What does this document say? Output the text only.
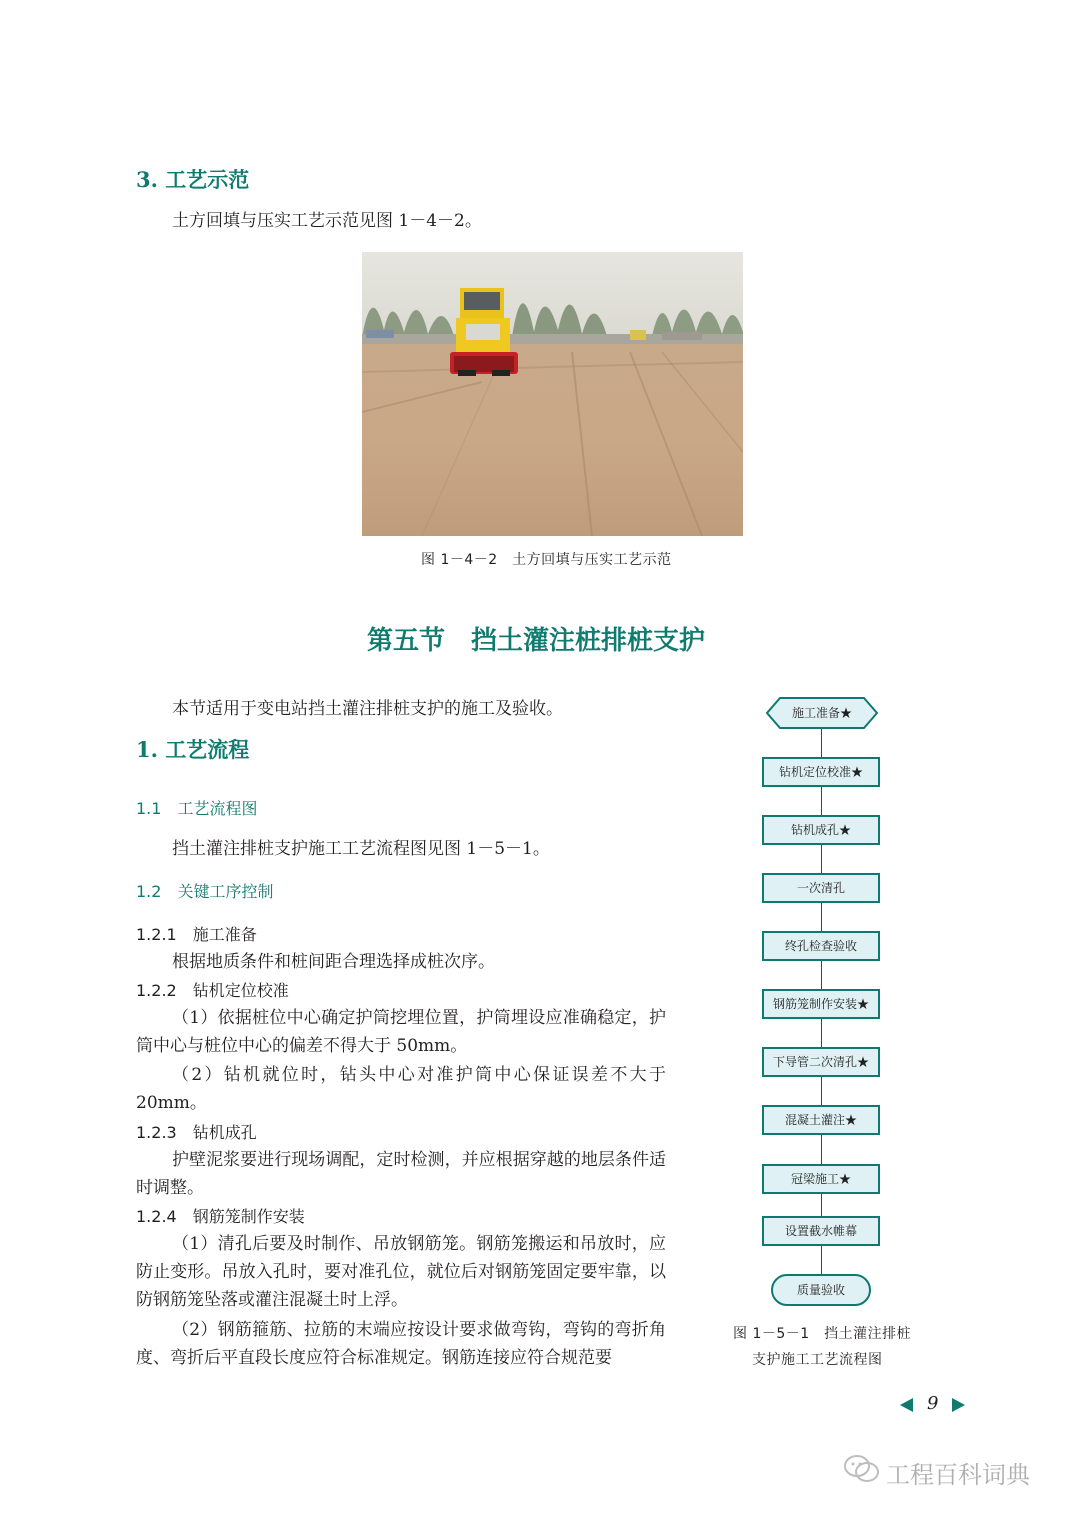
3. 工艺示范
土方回填与压实工艺示范见图 1－4－2。
图 1－4－2　土方回填与压实工艺示范
第五节　挡土灌注桩排桩支护
本节适用于变电站挡土灌注排桩支护的施工及验收。
1. 工艺流程
1.1　工艺流程图
挡土灌注排桩支护施工工艺流程图见图 1－5－1。
1.2　关键工序控制
1.2.1　施工准备
根据地质条件和桩间距合理选择成桩次序。
1.2.2　钻机定位校准
（1）依据桩位中心确定护筒挖埋位置，护筒埋设应准确稳定，护筒中心与桩位中心的偏差不得大于 50mm。
（2）钻机就位时，钻头中心对准护筒中心保证误差不大于 20mm。
1.2.3　钻机成孔
护壁泥浆要进行现场调配，定时检测，并应根据穿越的地层条件适时调整。
1.2.4　钢筋笼制作安装
（1）清孔后要及时制作、吊放钢筋笼。钢筋笼搬运和吊放时，应防止变形。吊放入孔时，要对准孔位，就位后对钢筋笼固定要牢靠，以防钢筋笼坠落或灌注混凝土时上浮。
（2）钢筋箍筋、拉筋的末端应按设计要求做弯钩，弯钩的弯折角度、弯折后平直段长度应符合标准规定。钢筋连接应符合规范要
施工准备★
钻机定位校准★
钻机成孔★
一次清孔
终孔检查验收
钢筋笼制作安装★
下导管二次清孔★
混凝土灌注★
冠梁施工★
设置截水帷幕
质量验收
图 1－5－1　挡土灌注排桩
支护施工工艺流程图
9
工程百科词典
